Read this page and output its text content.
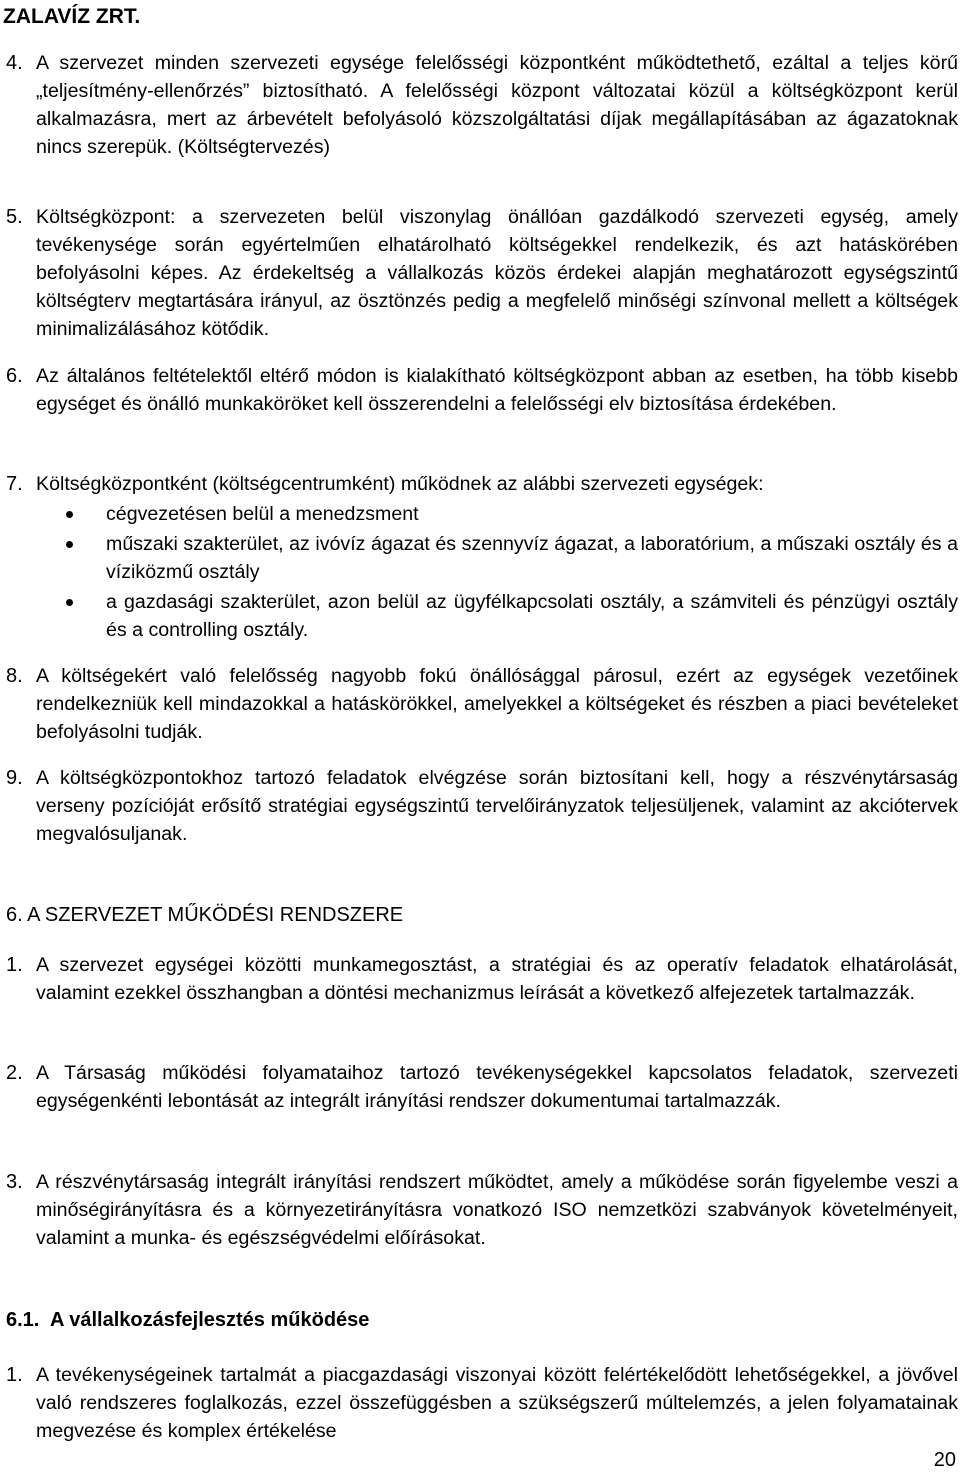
ZALAVÍZ ZRT.
4. A szervezet minden szervezeti egysége felelősségi központként működtethető, ezáltal a teljes körű „teljesítmény-ellenőrzés” biztosítható. A felelősségi központ változatai közül a költségközpont kerül alkalmazásra, mert az árbevételt befolyásoló közszolgáltatási díjak megállapításában az ágazatoknak nincs szerepük. (Költségtervezés)
5. Költségközpont: a szervezeten belül viszonylag önállóan gazdálkodó szervezeti egység, amely tevékenysége során egyértelműen elhatárolható költségekkel rendelkezik, és azt hatáskörében befolyásolni képes. Az érdekeltség a vállalkozás közös érdekei alapján meghatározott egységszintű költségterv megtartására irányul, az ösztönzés pedig a megfelelő minőségi színvonal mellett a költségek minimalizálásához kötődik.
6. Az általános feltételektől eltérő módon is kialakítható költségközpont abban az esetben, ha több kisebb egységet és önálló munkaköröket kell összerendelni a felelősségi elv biztosítása érdekében.
7. Költségközpontként (költségcentrumként) működnek az alábbi szervezeti egységek:
cégvezetésen belül a menedzsment
műszaki szakterület, az ivóvíz ágazat és szennyvíz ágazat, a laboratórium, a műszaki osztály és a víziközmű osztály
a gazdasági szakterület, azon belül az ügyfélkapcsolati osztály, a számviteli és pénzügyi osztály és a controlling osztály.
8. A költségekért való felelősség nagyobb fokú önállósággal párosul, ezért az egységek vezetőinek rendelkezniük kell mindazokkal a hatáskörökkel, amelyekkel a költségeket és részben a piaci bevételeket befolyásolni tudják.
9. A költségközpontokhoz tartozó feladatok elvégzése során biztosítani kell, hogy a részvénytársaság verseny pozícióját erősítő stratégiai egységszintű tervelőirányzatok teljesüljenek, valamint az akciótervek megvalósuljanak.
6. A SZERVEZET MŰKÖDÉSI RENDSZERE
1. A szervezet egységei közötti munkamegosztást, a stratégiai és az operatív feladatok elhatárolását, valamint ezekkel összhangban a döntési mechanizmus leírását a következő alfejezetek tartalmazzák.
2. A Társaság működési folyamataihoz tartozó tevékenységekkel kapcsolatos feladatok, szervezeti egységenkénti lebontását az integrált irányítási rendszer dokumentumai tartalmazzák.
3. A részvénytársaság integrált irányítási rendszert működtet, amely a működése során figyelembe veszi a minőségirányításra és a környezetirányításra vonatkozó ISO nemzetközi szabványok követelményeit, valamint a munka- és egészségvédelmi előírásokat.
6.1. A vállalkozásfejlesztés működése
1. A tevékenységeinek tartalmát a piacgazdasági viszonyai között felértékelődött lehetőségekkel, a jövővel való rendszeres foglalkozás, ezzel összefüggésben a szükségszerű múltelemzés, a jelen folyamatainak megvezése és komplex értékelése
20
